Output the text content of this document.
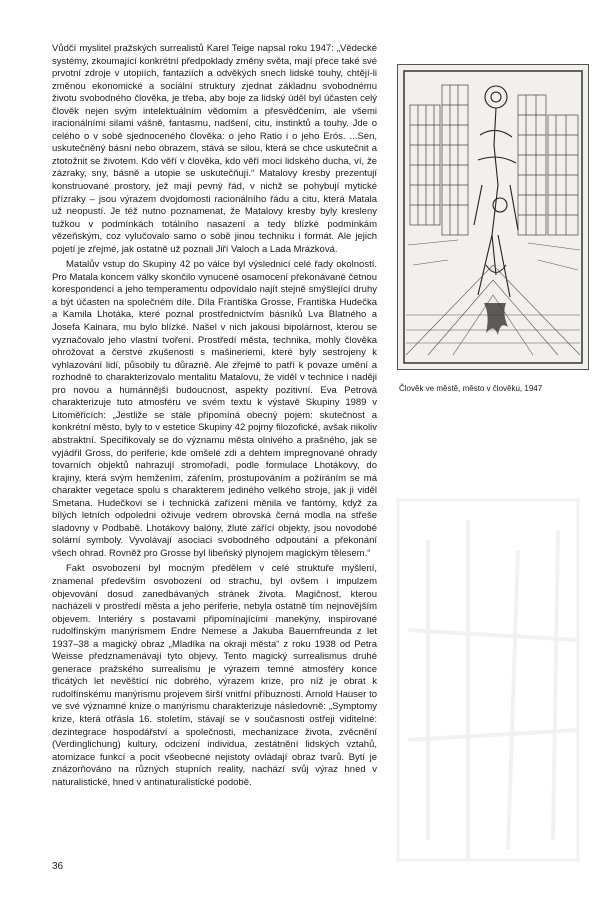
Vůdčí myslitel pražských surrealistů Karel Teige napsal roku 1947: „Vědecké systémy, zkoumající konkrétní předpoklady změny světa, mají přece také své prvotní zdroje v utopiích, fantaziích a odvěkých snech lidské touhy, chtějí-li změnou ekonomické a sociální struktury zjednat základnu svobodnému životu svobodného člověka, je třeba, aby boje za lidský úděl byl účasten celý člověk nejen svým intelektuálním vědomím a přesvědčením, ale všemi iracionálními silami vášně, fantasmu, nadšení, citu, instinktů a touhy. Jde o celého o v sobě sjednoceného člověka: o jeho Ratio i o jeho Erós. ...Sen, uskutečněný básní nebo obrazem, stává se silou, která se chce uskutečnit a ztotožnit se životem. Kdo věří v člověka, kdo věří moci lidského ducha, ví, že zázraky, sny, básně a utopie se uskutečňují.“ Matalovy kresby prezentují konstruované prostory, jež mají pevný řád, v nichž se pohybují mytické přízraky – jsou výrazem dvojdomosti racionálního řádu a citu, která Matala už neopustí. Je též nutno poznamenat, že Matalovy kresby byly kresleny tužkou v podmínkách totálního nasazení a tedy blízké podmínkám vězeňským, coz vylučovalo samo o sobě jinou techniku i formát. Ale jejich pojetí je zřejmé, jak ostatně už poznali Jiří Valoch a Lada Mrázková.

Matalův vstup do Skupiny 42 po válce byl výslednicí celé řady okolností. Pro Matala koncem války skončilo vynucené osamocení překonávané četnou korespondencí a jeho temperamentu odpovídalo najít stejně smýšlející druhy a být účasten na společném díle. Díla Františka Grosse, Františka Hudečka a Kamila Lhotáka, které poznal prostřednictvím básníků Lva Blatného a Josefa Kainara, mu bylo blízké. Našel v nich jakousi bipolárnost, kterou se vyznačovalo jeho vlastní tvoření. Prostředí města, technika, mohly člověka ohrožovat a čerstvé zkušenosti s mašineriemi, které byly sestrojeny k vyhlazování lidí, působily tu důrazně. Ale zřejmě to patří k povaze umění a rozhodně to charakterizovalo mentalitu Matalovu, že viděl v technice i naději pro novou a humánnější budoucnost, aspekty pozitivní. Eva Petrová charakterizuje tuto atmosféru ve svém textu k výstavě Skupiny 1989 v Litoměřicích: „Jestliže se stále připomíná obecný pojem: skutečnost a konkrétní město, byly to v estetice Skupiny 42 pojmy filozofické, avšak nikoliv abstraktní. Specifikovaly se do významu města olnivého a prašného, jak se vyjádřil Gross, do periferie, kde omšelé zdi a dehtem impregnované ohrady tovarních objektů nahrazují stromořadí, podle formulace Lhotákovy, do krajiny, která svým hemžením, zářením, prostupováním a požíráním se má charakter vegetace spolu s charakterem jediného velkého stroje, jak ji viděl Smetana. Hudečkovi se i technická zařízení měnila ve fantómy, když za bílých letních odpoledni oživuje vedrem obrovská černá modla na střeše sladovny v Podbabě. Lhotákovy balóny, žluté zářící objekty, jsou novodobé solární symboly. Vyvolávají asociaci svobodného odpoutání a překonání všech ohrad. Rovněž pro Grosse byl libeňský plynojem magickým tělesem.“

Fakt osvobození byl mocným předělem v celé struktuře myšlení, znamenal především osvobození od strachu, byl ovšem i impulzem objevování dosud zanedbávaných stránek života. Magičnost, kterou nacházeli v prostředí města a jeho periferie, nebyla ostatně tím nejnovějším objevem. Interiéry s postavami připomínajícími manekýny, inspirované rudolfínským manýrismem Endre Nemese a Jakuba Bauernfreunda z let 1937–38 a magický obraz „Mladíka na okraji města“ z roku 1938 od Petra Weisse předznamenávají tyto objevy. Tento magický surrealismus druhé generace pražského surrealismu je výrazem temné atmosféry konce třicátých let nevěštící nic dobrého, výrazem krize, pro níž je obrat k rudolfínskému manýrismu projevem širší vnitřní příbuznosti. Arnold Hauser to ve své významné knize o manýrismu charakterizuje následovně: „Symptomy krize, která otřásla 16. stoletím, stávají se v současnosti ostřeji viditelné: dezintegrace hospodářství a společnosti, mechanizace života, zvěcnění (Verdinglichung) kultury, odcizení individua, zestátnění lidských vztahů, atomizace funkcí a pocit všeobecné nejistoty ovládají obraz tvarů. Bytí je znázorňováno na různých stupních reality, nachází svůj výraz hned v naturalistické, hned v antinaturalistické podobě.

Člověk ve městě, město v člověku, 1947
36
